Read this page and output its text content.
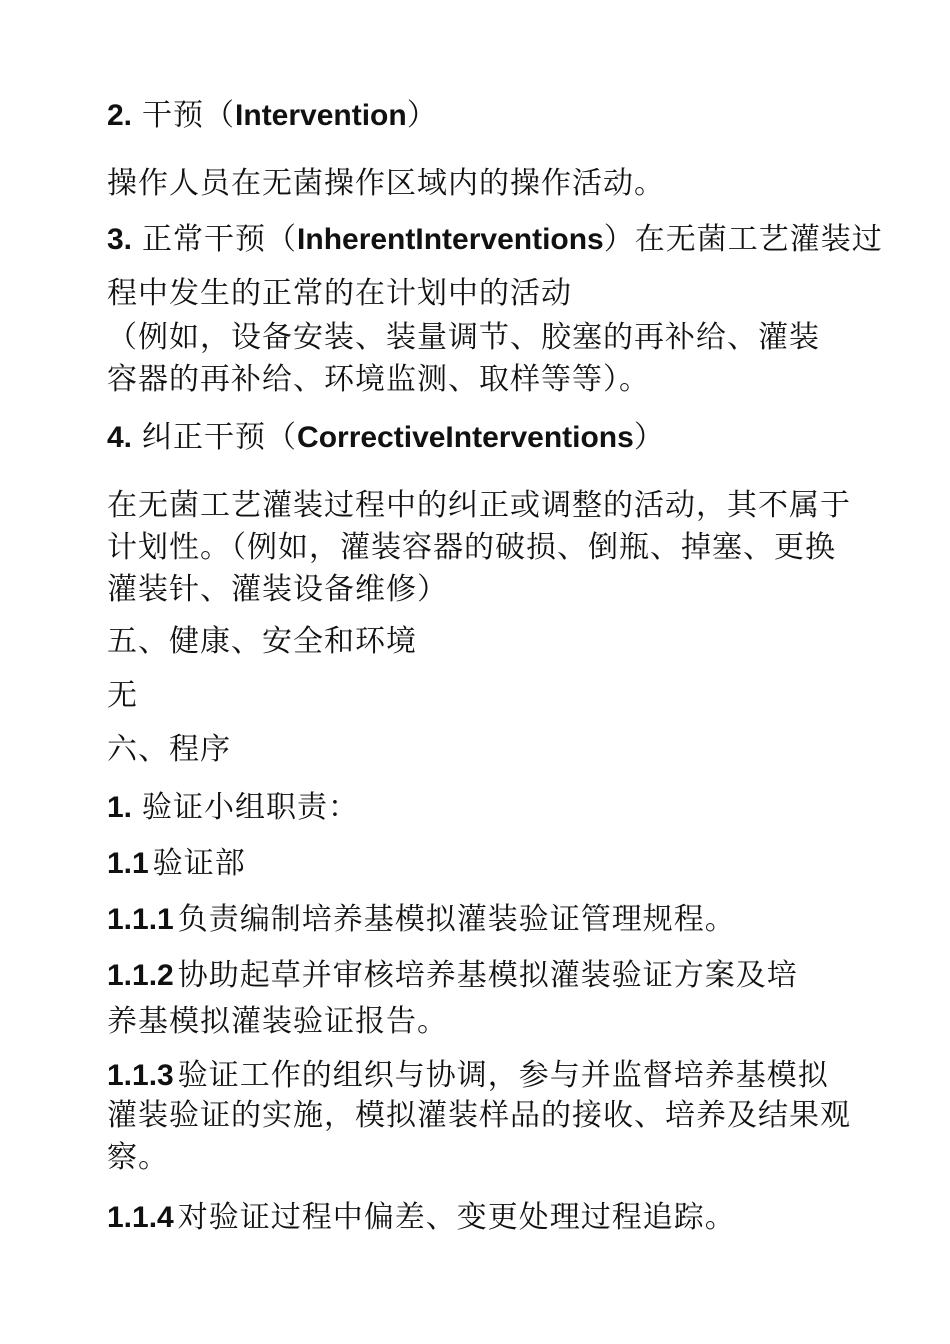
2. 干预（Intervention）
操作人员在无菌操作区域内的操作活动。
3. 正常干预（InherentInterventions）在无菌工艺灌装过
程中发生的正常的在计划中的活动
（例如，设备安装、装量调节、胶塞的再补给、灌装
容器的再补给、环境监测、取样等等）。
4. 纠正干预（CorrectiveInterventions）
在无菌工艺灌装过程中的纠正或调整的活动，其不属于
计划性。（例如，灌装容器的破损、倒瓶、掉塞、更换
灌装针、灌装设备维修）
五、健康、安全和环境
无
六、程序
1. 验证小组职责：
1.1 验证部
1.1.1 负责编制培养基模拟灌装验证管理规程。
1.1.2 协助起草并审核培养基模拟灌装验证方案及培
养基模拟灌装验证报告。
1.1.3 验证工作的组织与协调，参与并监督培养基模拟
灌装验证的实施，模拟灌装样品的接收、培养及结果观
察。
1.1.4 对验证过程中偏差、变更处理过程追踪。
